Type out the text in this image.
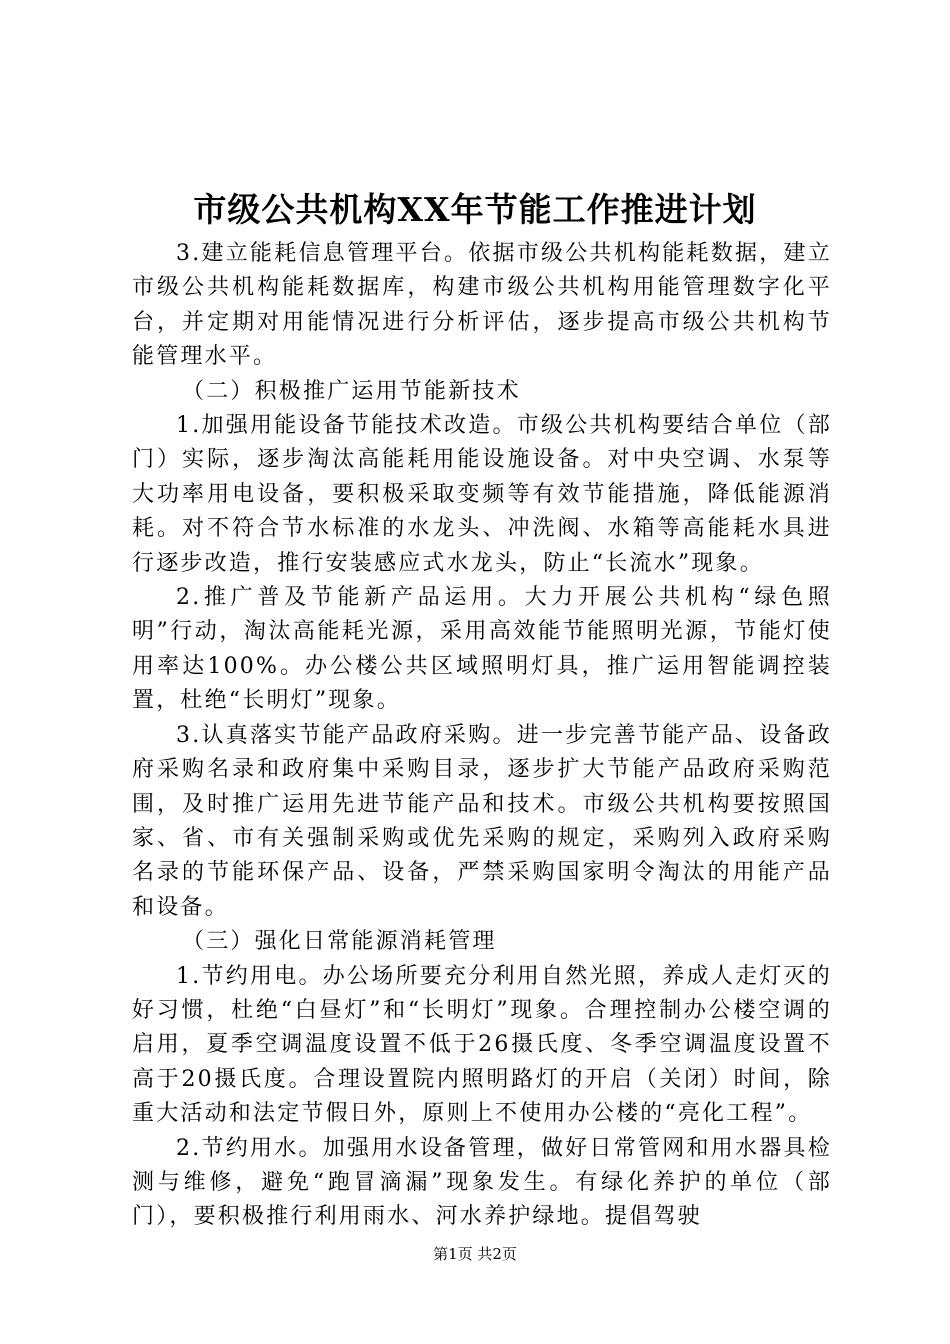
市级公共机构XX年节能工作推进计划

3.建立能耗信息管理平台。依据市级公共机构能耗数据，建立市级公共机构能耗数据库，构建市级公共机构用能管理数字化平台，并定期对用能情况进行分析评估，逐步提高市级公共机构节能管理水平。

（二）积极推广运用节能新技术

1.加强用能设备节能技术改造。市级公共机构要结合单位（部门）实际，逐步淘汰高能耗用能设施设备。对中央空调、水泵等大功率用电设备，要积极采取变频等有效节能措施，降低能源消耗。对不符合节水标准的水龙头、冲洗阀、水箱等高能耗水具进行逐步改造，推行安装感应式水龙头，防止“长流水”现象。

2.推广普及节能新产品运用。大力开展公共机构“绿色照明”行动，淘汰高能耗光源，采用高效能节能照明光源，节能灯使用率达100%。办公楼公共区域照明灯具，推广运用智能调控装置，杜绝“长明灯”现象。

3.认真落实节能产品政府采购。进一步完善节能产品、设备政府采购名录和政府集中采购目录，逐步扩大节能产品政府采购范围，及时推广运用先进节能产品和技术。市级公共机构要按照国家、省、市有关强制采购或优先采购的规定，采购列入政府采购名录的节能环保产品、设备，严禁采购国家明令淘汰的用能产品和设备。

（三）强化日常能源消耗管理

1.节约用电。办公场所要充分利用自然光照，养成人走灯灭的好习惯，杜绝“白昼灯”和“长明灯”现象。合理控制办公楼空调的启用，夏季空调温度设置不低于26摄氏度、冬季空调温度设置不高于20摄氏度。合理设置院内照明路灯的开启（关闭）时间，除重大活动和法定节假日外，原则上不使用办公楼的“亮化工程”。

2.节约用水。加强用水设备管理，做好日常管网和用水器具检测与维修，避免“跑冒滴漏”现象发生。有绿化养护的单位（部门），要积极推行利用雨水、河水养护绿地。提倡驾驶

第1页 共2页
